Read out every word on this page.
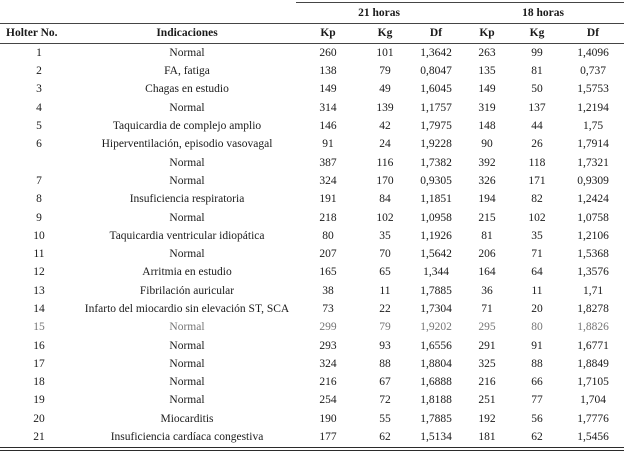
		21 horas			18 horas		
Holter No.	Indicaciones	Kp	Kg	Df	Kp	Kg	Df
1	Normal	260	101	1,3642	263	99	1,4096
2	FA, fatiga	138	79	0,8047	135	81	0,737
3	Chagas en estudio	149	49	1,6045	149	50	1,5753
4	Normal	314	139	1,1757	319	137	1,2194
5	Taquicardia de complejo amplio	146	42	1,7975	148	44	1,75
6	Hiperventilación, episodio vasovagal	91	24	1,9228	90	26	1,7914
	Normal	387	116	1,7382	392	118	1,7321
7	Normal	324	170	0,9305	326	171	0,9309
8	Insuficiencia respiratoria	191	84	1,1851	194	82	1,2424
9	Normal	218	102	1,0958	215	102	1,0758
10	Taquicardia ventricular idiopática	80	35	1,1926	81	35	1,2106
11	Normal	207	70	1,5642	206	71	1,5368
12	Arritmia en estudio	165	65	1,344	164	64	1,3576
13	Fibrilación auricular	38	11	1,7885	36	11	1,71
14	Infarto del miocardio sin elevación ST, SCA	73	22	1,7304	71	20	1,8278
15	Normal	299	79	1,9202	295	80	1,8826
16	Normal	293	93	1,6556	291	91	1,6771
17	Normal	324	88	1,8804	325	88	1,8849
18	Normal	216	67	1,6888	216	66	1,7105
19	Normal	254	72	1,8188	251	77	1,704
20	Miocarditis	190	55	1,7885	192	56	1,7776
21	Insuficiencia cardíaca congestiva	177	62	1,5134	181	62	1,5456
